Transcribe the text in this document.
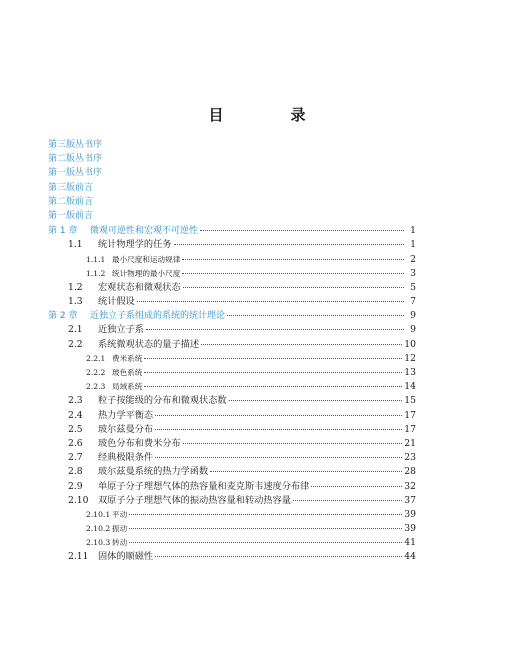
目　录
第三版丛书序
第二版丛书序
第一版丛书序
第三版前言
第二版前言
第一版前言
第 1 章	微观可逆性和宏观不可逆性	1
1.1	统计物理学的任务	1
1.1.1 最小尺度和运动规律	2
1.1.2 统计物理的最小尺度	3
1.2	宏观状态和微观状态	5
1.3	统计假设	7
第 2 章	近独立子系组成的系统的统计理论	9
2.1	近独立子系	9
2.2	系统微观状态的量子描述	10
2.2.1 费米系统	12
2.2.2 玻色系统	13
2.2.3 局域系统	14
2.3	粒子按能级的分布和微观状态数	15
2.4	热力学平衡态	17
2.5	玻尔兹曼分布	17
2.6	玻色分布和费米分布	21
2.7	经典极限条件	23
2.8	玻尔兹曼系统的热力学函数	28
2.9	单原子分子理想气体的热容量和麦克斯韦速度分布律	32
2.10	双原子分子理想气体的振动热容量和转动热容量	37
2.10.1 平动	39
2.10.2 振动	39
2.10.3 转动	41
2.11	固体的顺磁性	44
